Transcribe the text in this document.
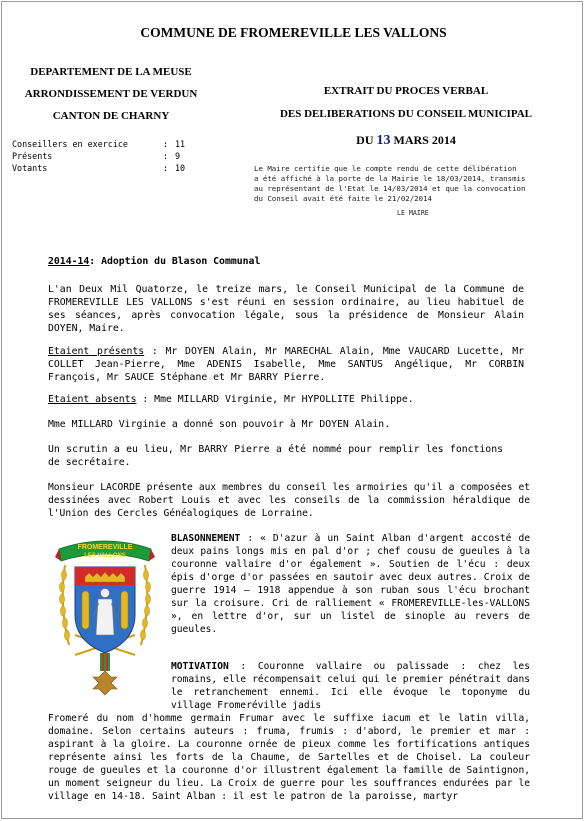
COMMUNE DE FROMEREVILLE LES VALLONS
DEPARTEMENT DE LA MEUSE
ARRONDISSEMENT DE VERDUN
CANTON DE CHARNY
EXTRAIT DU PROCES VERBAL
DES DELIBERATIONS DU CONSEIL MUNICIPAL
DU 13 MARS 2014
Conseillers en exercice	:	11
Présents	:	9
Votants	:	10	Le Maire certifie que le compte rendu de cette délibération
a été affiché à la porte de la Mairie le 18/03/2014, transmis
au représentant de l'Etat le 14/03/2014 et que la convocation
du Conseil avait été faite le 21/02/2014
LE MAIRE
2014-14: Adoption du Blason Communal
L'an Deux Mil Quatorze, le treize mars, le Conseil Municipal de la Commune de FROMEREVILLE LES VALLONS s'est réuni en session ordinaire, au lieu habituel de ses séances, après convocation légale, sous la présidence de Monsieur Alain DOYEN, Maire.
Etaient présents : Mr DOYEN Alain, Mr MARECHAL Alain, Mme VAUCARD Lucette, Mr COLLET Jean-Pierre, Mme ADENIS Isabelle, Mme SANTUS Angélique, Mr CORBIN François, Mr SAUCE Stéphane et Mr BARRY Pierre.
Etaient absents : Mme MILLARD Virginie, Mr HYPOLLITE Philippe.
Mme MILLARD Virginie a donné son pouvoir à Mr DOYEN Alain.
Un scrutin a eu lieu, Mr BARRY Pierre a été nommé pour remplir les fonctions de secrétaire.
Monsieur LACORDE présente aux membres du conseil les armoiries qu'il a composées et dessinées avec Robert Louis et avec les conseils de la commission héraldique de l'Union des Cercles Généalogiques de Lorraine.
FROMEREVILLE
LES VALLONS
BLASONNEMENT : « D'azur à un Saint Alban d'argent accosté de deux pains longs mis en pal d'or ; chef cousu de gueules à la couronne vallaire d'or également ». Soutien de l'écu : deux épis d'orge d'or passées en sautoir avec deux autres. Croix de guerre 1914 – 1918 appendue à son ruban sous l'écu brochant sur la croisure. Cri de ralliement « FROMEREVILLE-les-VALLONS », en lettre d'or, sur un listel de sinople au revers de gueules.
MOTIVATION : Couronne vallaire ou palissade : chez les romains, elle récompensait celui qui le premier pénétrait dans le retranchement ennemi. Ici elle évoque le toponyme du village Fromeréville jadis
Fromeré du nom d'homme germain Frumar avec le suffixe iacum et le latin villa, domaine. Selon certains auteurs : fruma, frumis : d'abord, le premier et mar : aspirant à la gloire. La couronne ornée de pieux comme les fortifications antiques représente ainsi les forts de la Chaume, de Sartelles et de Choisel. La couleur rouge de gueules et la couronne d'or illustrent également la famille de Saintignon, un moment seigneur du lieu. La Croix de guerre pour les souffrances endurées par le village en 14-18. Saint Alban : il est le patron de la paroisse, martyr
